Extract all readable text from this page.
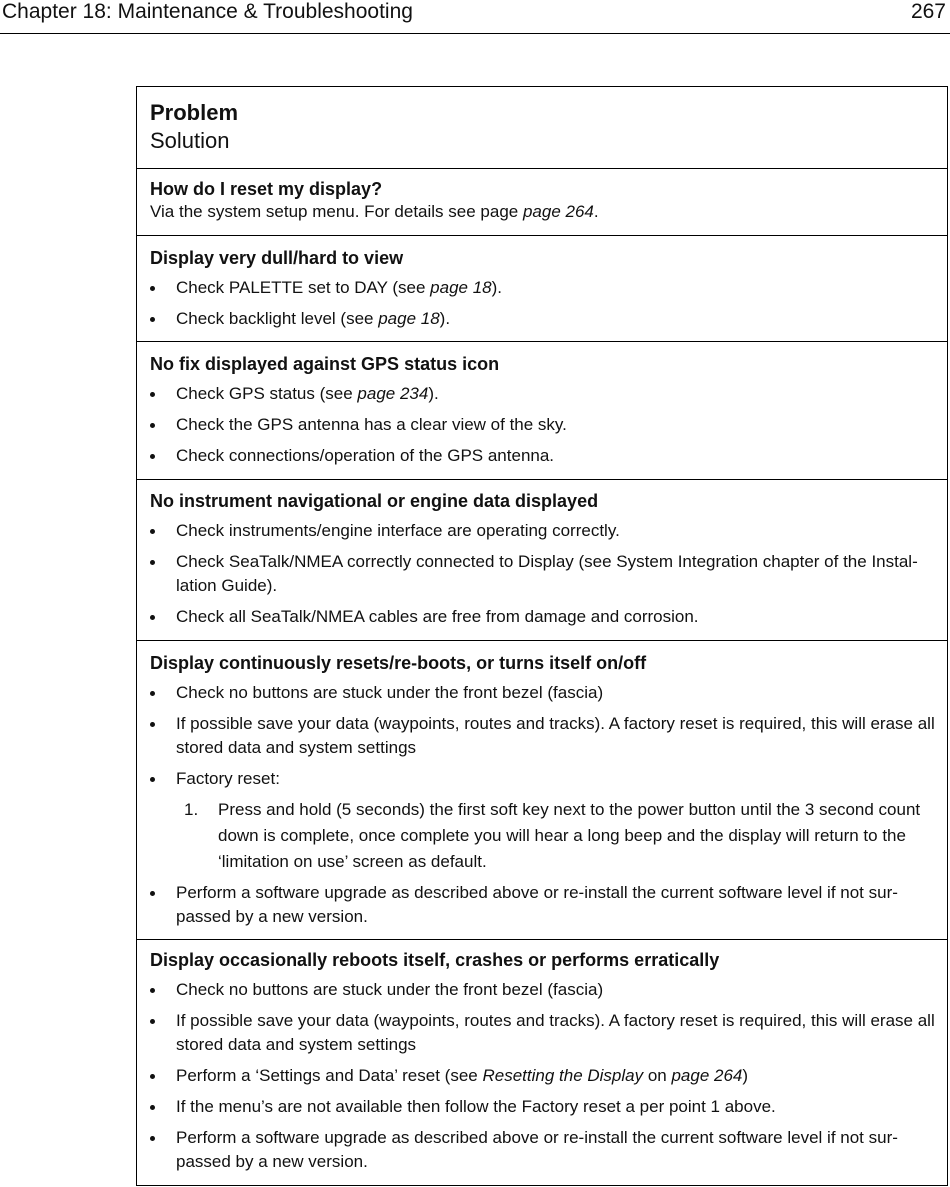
Chapter 18: Maintenance & Troubleshooting	267
Problem
Solution
How do I reset my display?
Via the system setup menu. For details see page page 264.
Display very dull/hard to view
Check PALETTE set to DAY (see page 18).
Check backlight level (see page 18).
No fix displayed against GPS status icon
Check GPS status (see page 234).
Check the GPS antenna has a clear view of the sky.
Check connections/operation of the GPS antenna.
No instrument navigational or engine data displayed
Check instruments/engine interface are operating correctly.
Check SeaTalk/NMEA correctly connected to Display (see System Integration chapter of the Instal-lation Guide).
Check all SeaTalk/NMEA cables are free from damage and corrosion.
Display continuously resets/re-boots, or turns itself on/off
Check no buttons are stuck under the front bezel (fascia)
If possible save your data (waypoints, routes and tracks). A factory reset is required, this will erase all stored data and system settings
Factory reset:
1. Press and hold (5 seconds) the first soft key next to the power button until the 3 second count down is complete, once complete you will hear a long beep and the display will return to the ‘limitation on use’ screen as default.
Perform a software upgrade as described above or re-install the current software level if not sur-passed by a new version.
Display occasionally reboots itself, crashes or performs erratically
Check no buttons are stuck under the front bezel (fascia)
If possible save your data (waypoints, routes and tracks). A factory reset is required, this will erase all stored data and system settings
Perform a ‘Settings and Data’ reset (see Resetting the Display on page 264)
If the menu’s are not available then follow the Factory reset a per point 1 above.
Perform a software upgrade as described above or re-install the current software level if not sur-passed by a new version.
